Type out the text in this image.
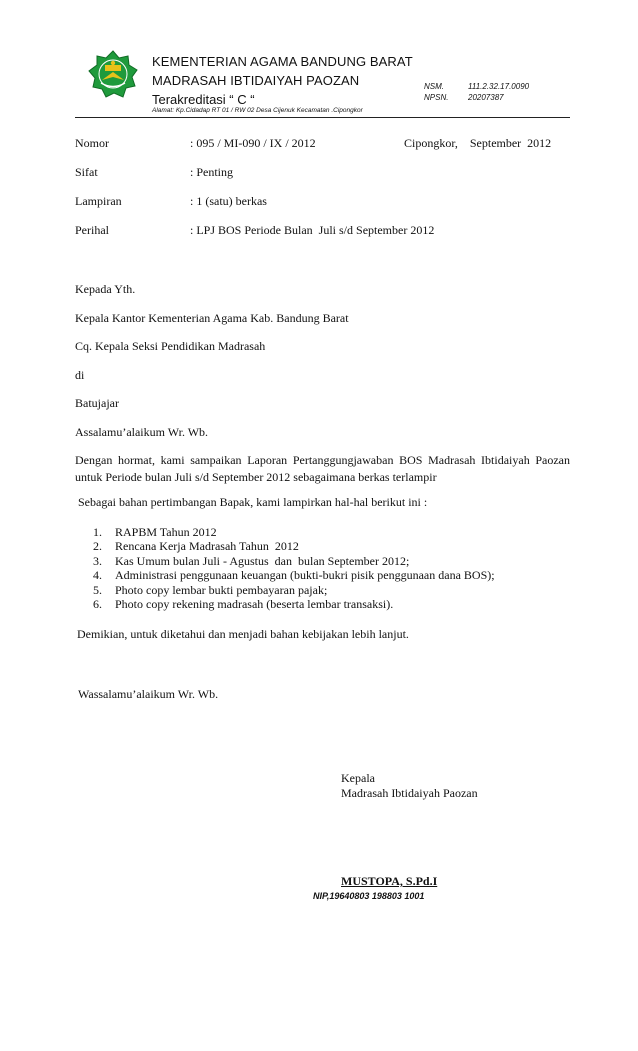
KEMENTERIAN AGAMA BANDUNG BARAT
MADRASAH IBTIDAIYAH PAOZAN
Terakreditasi “ C “
Alamat: Kp.Cidadap RT 01 / RW 02 Desa Cijenuk Kecamatan .Cipongkor
NSM.	111.2.32.17.0090
NPSN. 20207387
Nomor	: 095 / MI-090 / IX / 2012	Cipongkor,    September  2012
Sifat	: Penting
Lampiran	: 1 (satu) berkas
Perihal	: LPJ BOS Periode Bulan  Juli s/d September 2012
Kepada Yth.
Kepala Kantor Kementerian Agama Kab. Bandung Barat
Cq. Kepala Seksi Pendidikan Madrasah
di
Batujajar
Assalamu’alaikum Wr. Wb.
Dengan hormat, kami sampaikan Laporan Pertanggungjawaban BOS Madrasah Ibtidaiyah Paozan untuk Periode bulan Juli s/d September 2012 sebagaimana berkas terlampir
Sebagai bahan pertimbangan Bapak, kami lampirkan hal-hal berikut ini :
1. RAPBM Tahun 2012
2. Rencana Kerja Madrasah Tahun  2012
3. Kas Umum bulan Juli - Agustus  dan  bulan September 2012;
4. Administrasi penggunaan keuangan (bukti-bukri pisik penggunaan dana BOS);
5. Photo copy lembar bukti pembayaran pajak;
6. Photo copy rekening madrasah (beserta lembar transaksi).
Demikian, untuk diketahui dan menjadi bahan kebijakan lebih lanjut.
Wassalamu’alaikum Wr. Wb.
Kepala
Madrasah Ibtidaiyah Paozan
MUSTOPA, S.Pd.I
NIP,19640803 198803 1001
